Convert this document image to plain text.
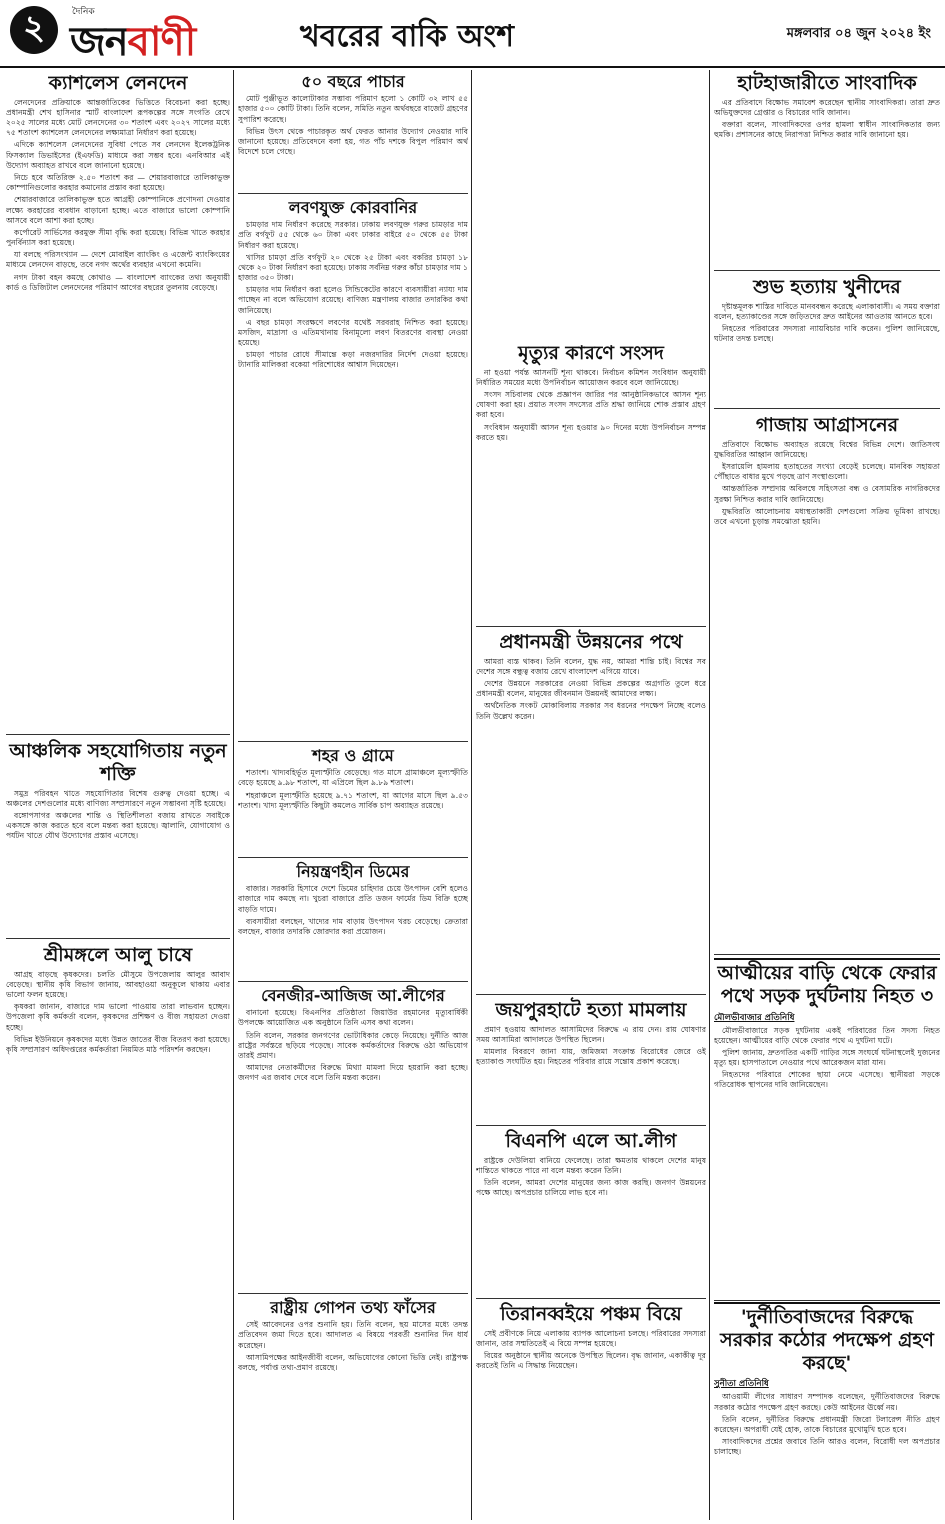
২	দৈনিক
জনবাণী	খবরের বাকি অংশ	মঙ্গলবার ০৪ জুন ২০২৪ ইং
ক্যাশলেস লেনদেন

লেনদেনের প্রক্রিয়াকে আন্তর্জাতিকের ভিত্তিতে বিবেচনা করা হচ্ছে। প্রধানমন্ত্রী শেখ হাসিনার স্মার্ট বাংলাদেশ রূপকল্পের সঙ্গে সংগতি রেখে ২০২৫ সালের মধ্যে মোট লেনদেনের ৩০ শতাংশ এবং ২০২৭ সালের মধ্যে ৭৫ শতাংশ ক্যাশলেস লেনদেনের লক্ষ্যমাত্রা নির্ধারণ করা হয়েছে।

এদিকে ক্যাশলেস লেনদেনের সুবিধা পেতে সব লেনদেন ইলেকট্রনিক ফিসক্যাল ডিভাইসের (ইএফডি) মাধ্যমে করা সম্ভব হবে। এনবিআর এই উদ্যোগ অব্যাহত রাখবে বলে জানানো হয়েছে।

নিচে হবে অতিরিক্ত ২.৫০ শতাংশ কর — শেয়ারবাজারে তালিকাভুক্ত কোম্পানিগুলোর করহার কমানোর প্রস্তাব করা হয়েছে।

শেয়ারবাজারে তালিকাভুক্ত হতে আগ্রহী কোম্পানিকে প্রণোদনা দেওয়ার লক্ষ্যে করহারের ব্যবধান বাড়ানো হচ্ছে। এতে বাজারে ভালো কোম্পানি আসবে বলে আশা করা হচ্ছে।

কর্পোরেট সার্ভিসের করমুক্ত সীমা বৃদ্ধি করা হয়েছে। বিভিন্ন খাতে করহার পুনর্বিন্যাস করা হয়েছে।

যা বলছে পরিসংখ্যান — দেশে মোবাইল ব্যাংকিং ও এজেন্ট ব্যাংকিংয়ের মাধ্যমে লেনদেন বাড়ছে, তবে নগদ অর্থের ব্যবহার এখনো কমেনি।

নগদ টাকা বহন কমছে কোথাও — বাংলাদেশ ব্যাংকের তথ্য অনুযায়ী কার্ড ও ডিজিটাল লেনদেনের পরিমাণ আগের বছরের তুলনায় বেড়েছে।

আঞ্চলিক সহযোগিতায় নতুন শক্তি

সমুদ্র পরিবহন খাতে সহযোগিতার বিশেষ গুরুত্ব দেওয়া হচ্ছে। এ অঞ্চলের দেশগুলোর মধ্যে বাণিজ্য সম্প্রসারণে নতুন সম্ভাবনা সৃষ্টি হয়েছে।

বঙ্গোপসাগর অঞ্চলের শান্তি ও স্থিতিশীলতা বজায় রাখতে সবাইকে একসঙ্গে কাজ করতে হবে বলে মন্তব্য করা হয়েছে। জ্বালানি, যোগাযোগ ও পর্যটন খাতে যৌথ উদ্যোগের প্রস্তাব এসেছে।

শ্রীমঙ্গলে আলু চাষে

আগ্রহ বাড়ছে কৃষকদের। চলতি মৌসুমে উপজেলায় আলুর আবাদ বেড়েছে। স্থানীয় কৃষি বিভাগ জানায়, আবহাওয়া অনুকূলে থাকায় এবার ভালো ফলন হয়েছে।

কৃষকরা জানান, বাজারে দাম ভালো পাওয়ায় তারা লাভবান হচ্ছেন। উপজেলা কৃষি কর্মকর্তা বলেন, কৃষকদের প্রশিক্ষণ ও বীজ সহায়তা দেওয়া হচ্ছে।

বিভিন্ন ইউনিয়নে কৃষকদের মধ্যে উন্নত জাতের বীজ বিতরণ করা হয়েছে। কৃষি সম্প্রসারণ অধিদপ্তরের কর্মকর্তারা নিয়মিত মাঠ পরিদর্শন করছেন।

৫০ বছরে পাচার

মোট পুঞ্জীভূত কালোটাকার সম্ভাব্য পরিমাণ হলো ১ কোটি ৩২ লাখ ৫৫ হাজার ৫০০ কোটি টাকা। তিনি বলেন, সমিতি নতুন অর্থবছরে বাজেট গ্রহণের সুপারিশ করেছে।

বিভিন্ন উৎস থেকে পাচারকৃত অর্থ ফেরত আনার উদ্যোগ নেওয়ার দাবি জানানো হয়েছে। প্রতিবেদনে বলা হয়, গত পাঁচ দশকে বিপুল পরিমাণ অর্থ বিদেশে চলে গেছে।

লবণযুক্ত কোরবানির

চামড়ার দাম নির্ধারণ করেছে সরকার। ঢাকায় লবণযুক্ত গরুর চামড়ার দাম প্রতি বর্গফুট ৫৫ থেকে ৬০ টাকা এবং ঢাকার বাইরে ৫০ থেকে ৫৫ টাকা নির্ধারণ করা হয়েছে।

খাসির চামড়া প্রতি বর্গফুট ২০ থেকে ২৫ টাকা এবং বকরির চামড়া ১৮ থেকে ২০ টাকা নির্ধারণ করা হয়েছে। ঢাকায় সর্বনিম্ন গরুর কাঁচা চামড়ার দাম ১ হাজার ৩৫০ টাকা।

চামড়ার দাম নির্ধারণ করা হলেও সিন্ডিকেটের কারণে ব্যবসায়ীরা ন্যায্য দাম পাচ্ছেন না বলে অভিযোগ রয়েছে। বাণিজ্য মন্ত্রণালয় বাজার তদারকির কথা জানিয়েছে।

এ বছর চামড়া সংরক্ষণে লবণের যথেষ্ট সরবরাহ নিশ্চিত করা হয়েছে। মসজিদ, মাদ্রাসা ও এতিমখানায় বিনামূল্যে লবণ বিতরণের ব্যবস্থা নেওয়া হয়েছে।

চামড়া পাচার রোধে সীমান্তে কড়া নজরদারির নির্দেশ দেওয়া হয়েছে। ট্যানারি মালিকরা বকেয়া পরিশোধের আশ্বাস দিয়েছেন।

শহর ও গ্রামে

শতাংশ। খাদ্যবহির্ভূত মূল্যস্ফীতি বেড়েছে। গত মাসে গ্রামাঞ্চলে মূল্যস্ফীতি বেড়ে হয়েছে ৯.৯৮ শতাংশ, যা এপ্রিলে ছিল ৯.৮৯ শতাংশ।

শহরাঞ্চলে মূল্যস্ফীতি হয়েছে ৯.৭১ শতাংশ, যা আগের মাসে ছিল ৯.৫৩ শতাংশ। খাদ্য মূল্যস্ফীতি কিছুটা কমলেও সার্বিক চাপ অব্যাহত রয়েছে।

নিয়ন্ত্রণহীন ডিমের

বাজার। সরকারি হিসাবে দেশে ডিমের চাহিদার চেয়ে উৎপাদন বেশি হলেও বাজারে দাম কমছে না। খুচরা বাজারে প্রতি ডজন ফার্মের ডিম বিক্রি হচ্ছে বাড়তি দামে।

ব্যবসায়ীরা বলছেন, খাদ্যের দাম বাড়ায় উৎপাদন খরচ বেড়েছে। ক্রেতারা বলছেন, বাজার তদারকি জোরদার করা প্রয়োজন।

বেনজীর-আজিজ আ.লীগের

বানানো হয়েছে। বিএনপির প্রতিষ্ঠাতা জিয়াউর রহমানের মৃত্যুবার্ষিকী উপলক্ষে আয়োজিত এক অনুষ্ঠানে তিনি এসব কথা বলেন।

তিনি বলেন, সরকার জনগণের ভোটাধিকার কেড়ে নিয়েছে। দুর্নীতি আজ রাষ্ট্রের সর্বস্তরে ছড়িয়ে পড়েছে। সাবেক কর্মকর্তাদের বিরুদ্ধে ওঠা অভিযোগ তারই প্রমাণ।

আমাদের নেতাকর্মীদের বিরুদ্ধে মিথ্যা মামলা দিয়ে হয়রানি করা হচ্ছে। জনগণ এর জবাব দেবে বলে তিনি মন্তব্য করেন।

রাষ্ট্রীয় গোপন তথ্য ফাঁসের

সেই আবেদনের ওপর শুনানি হয়। তিনি বলেন, ছয় মাসের মধ্যে তদন্ত প্রতিবেদন জমা দিতে হবে। আদালত এ বিষয়ে পরবর্তী শুনানির দিন ধার্য করেছেন।

আসামিপক্ষের আইনজীবী বলেন, অভিযোগের কোনো ভিত্তি নেই। রাষ্ট্রপক্ষ বলছে, পর্যাপ্ত তথ্য-প্রমাণ রয়েছে।

মৃত্যুর কারণে সংসদ

না হওয়া পর্যন্ত আসনটি শূন্য থাকবে। নির্বাচন কমিশন সংবিধান অনুযায়ী নির্ধারিত সময়ের মধ্যে উপনির্বাচন আয়োজন করবে বলে জানিয়েছে।

সংসদ সচিবালয় থেকে প্রজ্ঞাপন জারির পর আনুষ্ঠানিকভাবে আসন শূন্য ঘোষণা করা হয়। প্রয়াত সংসদ সদস্যের প্রতি শ্রদ্ধা জানিয়ে শোক প্রস্তাব গ্রহণ করা হবে।

সংবিধান অনুযায়ী আসন শূন্য হওয়ার ৯০ দিনের মধ্যে উপনির্বাচন সম্পন্ন করতে হয়।

প্রধানমন্ত্রী উন্নয়নের পথে

আমরা ব্যস্ত থাকব। তিনি বলেন, যুদ্ধ নয়, আমরা শান্তি চাই। বিশ্বের সব দেশের সঙ্গে বন্ধুত্ব বজায় রেখে বাংলাদেশ এগিয়ে যাবে।

দেশের উন্নয়নে সরকারের নেওয়া বিভিন্ন প্রকল্পের অগ্রগতি তুলে ধরে প্রধানমন্ত্রী বলেন, মানুষের জীবনমান উন্নয়নই আমাদের লক্ষ্য।

অর্থনৈতিক সংকট মোকাবিলায় সরকার সব ধরনের পদক্ষেপ নিচ্ছে বলেও তিনি উল্লেখ করেন।

জয়পুরহাটে হত্যা মামলায়

প্রমাণ হওয়ায় আদালত আসামিদের বিরুদ্ধে এ রায় দেন। রায় ঘোষণার সময় আসামিরা আদালতে উপস্থিত ছিলেন।

মামলার বিবরণে জানা যায়, জমিজমা সংক্রান্ত বিরোধের জেরে ওই হত্যাকাণ্ড সংঘটিত হয়। নিহতের পরিবার রায়ে সন্তোষ প্রকাশ করেছে।

বিএনপি এলে আ.লীগ

রাষ্ট্রকে দেউলিয়া বানিয়ে ফেলেছে। তারা ক্ষমতায় থাকলে দেশের মানুষ শান্তিতে থাকতে পারে না বলে মন্তব্য করেন তিনি।

তিনি বলেন, আমরা দেশের মানুষের জন্য কাজ করছি। জনগণ উন্নয়নের পক্ষে আছে। অপপ্রচার চালিয়ে লাভ হবে না।

তিরানব্বইয়ে পঞ্চম বিয়ে

সেই প্রবীণকে নিয়ে এলাকায় ব্যাপক আলোচনা চলছে। পরিবারের সদস্যরা জানান, তার সম্মতিতেই এ বিয়ে সম্পন্ন হয়েছে।

বিয়ের অনুষ্ঠানে স্থানীয় অনেকে উপস্থিত ছিলেন। বৃদ্ধ জানান, একাকীত্ব দূর করতেই তিনি এ সিদ্ধান্ত নিয়েছেন।

হাটহাজারীতে সাংবাদিক

এর প্রতিবাদে বিক্ষোভ সমাবেশ করেছেন স্থানীয় সাংবাদিকরা। তারা দ্রুত অভিযুক্তদের গ্রেপ্তার ও বিচারের দাবি জানান।

বক্তারা বলেন, সাংবাদিকদের ওপর হামলা স্বাধীন সাংবাদিকতার জন্য হুমকি। প্রশাসনের কাছে নিরাপত্তা নিশ্চিত করার দাবি জানানো হয়।

শুভ হত্যায় খুনীদের

দৃষ্টান্তমূলক শাস্তির দাবিতে মানববন্ধন করেছে এলাকাবাসী। এ সময় বক্তারা বলেন, হত্যাকাণ্ডের সঙ্গে জড়িতদের দ্রুত আইনের আওতায় আনতে হবে।

নিহতের পরিবারের সদস্যরা ন্যায়বিচার দাবি করেন। পুলিশ জানিয়েছে, ঘটনার তদন্ত চলছে।

গাজায় আগ্রাসনের

প্রতিবাদে বিক্ষোভ অব্যাহত রয়েছে বিশ্বের বিভিন্ন দেশে। জাতিসংঘ যুদ্ধবিরতির আহ্বান জানিয়েছে।

ইসরায়েলি হামলায় হতাহতের সংখ্যা বেড়েই চলেছে। মানবিক সহায়তা পৌঁছাতে বাধার মুখে পড়ছে ত্রাণ সংস্থাগুলো।

আন্তর্জাতিক সম্প্রদায় অবিলম্বে সহিংসতা বন্ধ ও বেসামরিক নাগরিকদের সুরক্ষা নিশ্চিত করার দাবি জানিয়েছে।

যুদ্ধবিরতি আলোচনায় মধ্যস্থতাকারী দেশগুলো সক্রিয় ভূমিকা রাখছে। তবে এখনো চূড়ান্ত সমঝোতা হয়নি।

আত্মীয়ের বাড়ি থেকে ফেরার পথে সড়ক দুর্ঘটনায় নিহত ৩
মৌলভীবাজার প্রতিনিধি

মৌলভীবাজারে সড়ক দুর্ঘটনায় একই পরিবারের তিন সদস্য নিহত হয়েছেন। আত্মীয়ের বাড়ি থেকে ফেরার পথে এ দুর্ঘটনা ঘটে।

পুলিশ জানায়, দ্রুতগতির একটি গাড়ির সঙ্গে সংঘর্ষে ঘটনাস্থলেই দুজনের মৃত্যু হয়। হাসপাতালে নেওয়ার পথে আরেকজন মারা যান।

নিহতদের পরিবারে শোকের ছায়া নেমে এসেছে। স্থানীয়রা সড়কে গতিরোধক স্থাপনের দাবি জানিয়েছেন।

'দুর্নীতিবাজদের বিরুদ্ধে সরকার কঠোর পদক্ষেপ গ্রহণ করছে'
সুনীতা প্রতিনিধি

আওয়ামী লীগের সাধারণ সম্পাদক বলেছেন, দুর্নীতিবাজদের বিরুদ্ধে সরকার কঠোর পদক্ষেপ গ্রহণ করছে। কেউ আইনের ঊর্ধ্বে নয়।

তিনি বলেন, দুর্নীতির বিরুদ্ধে প্রধানমন্ত্রী জিরো টলারেন্স নীতি গ্রহণ করেছেন। অপরাধী যেই হোক, তাকে বিচারের মুখোমুখি হতে হবে।

সাংবাদিকদের প্রশ্নের জবাবে তিনি আরও বলেন, বিরোধী দল অপপ্রচার চালাচ্ছে।
